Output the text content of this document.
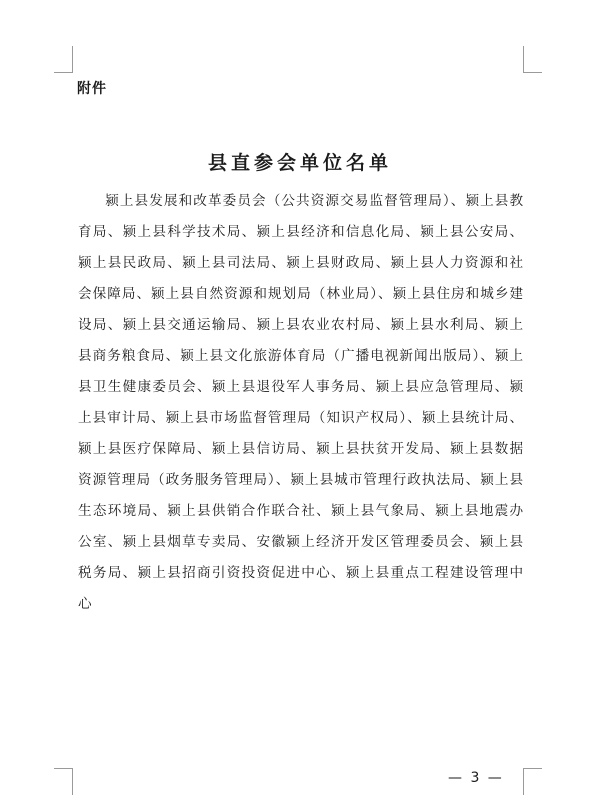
附件

县直参会单位名单

颍上县发展和改革委员会（公共资源交易监督管理局）、颍上县教育局、颍上县科学技术局、颍上县经济和信息化局、颍上县公安局、颍上县民政局、颍上县司法局、颍上县财政局、颍上县人力资源和社会保障局、颍上县自然资源和规划局（林业局）、颍上县住房和城乡建设局、颍上县交通运输局、颍上县农业农村局、颍上县水利局、颍上县商务粮食局、颍上县文化旅游体育局（广播电视新闻出版局）、颍上县卫生健康委员会、颍上县退役军人事务局、颍上县应急管理局、颍上县审计局、颍上县市场监督管理局（知识产权局）、颍上县统计局、颍上县医疗保障局、颍上县信访局、颍上县扶贫开发局、颍上县数据资源管理局（政务服务管理局）、颍上县城市管理行政执法局、颍上县生态环境局、颍上县供销合作联合社、颍上县气象局、颍上县地震办公室、颍上县烟草专卖局、安徽颍上经济开发区管理委员会、颍上县税务局、颍上县招商引资投资促进中心、颍上县重点工程建设管理中心

— 3 —
